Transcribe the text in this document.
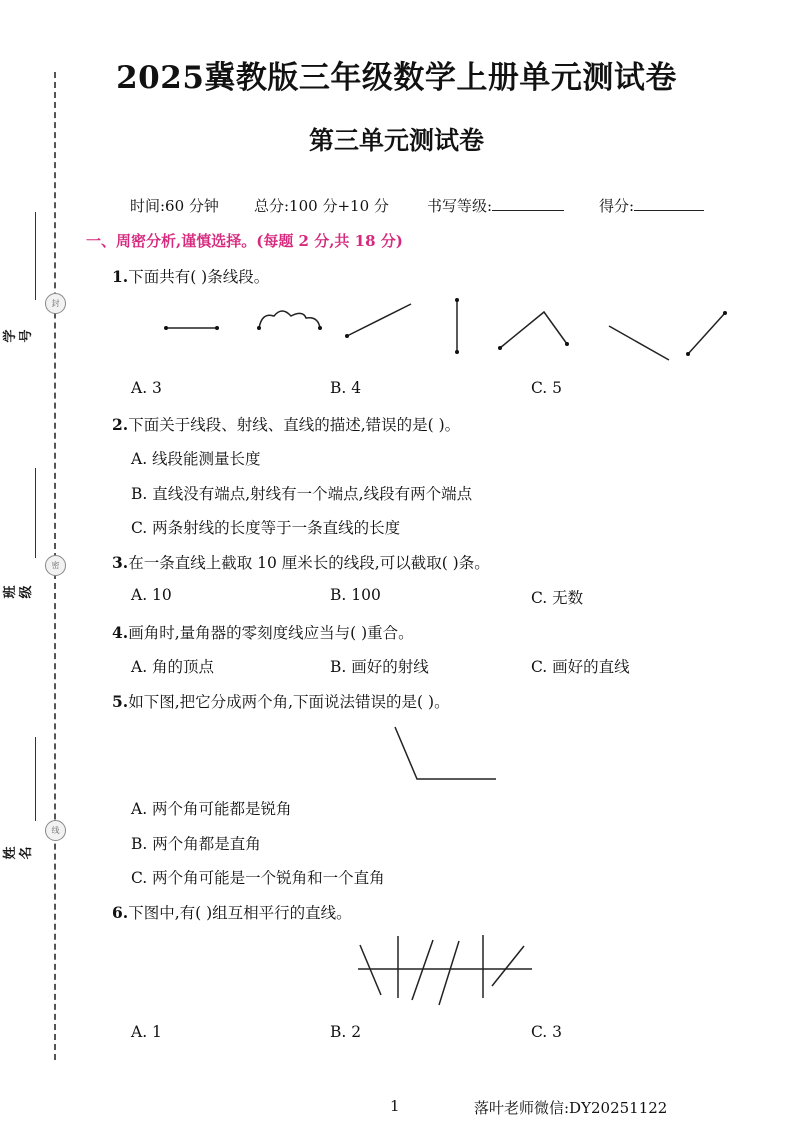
封
学号
密
班级
线
姓名
2025冀教版三年级数学上册单元测试卷
第三单元测试卷
时间:60 分钟 总分:100 分+10 分	书写等级:	得分:
一、周密分析,谨慎选择。(每题 2 分,共 18 分)
1.下面共有( )条线段。
A. 3	B. 4	C. 5
2.下面关于线段、射线、直线的描述,错误的是( )。
A. 线段能测量长度
B. 直线没有端点,射线有一个端点,线段有两个端点
C. 两条射线的长度等于一条直线的长度
3.在一条直线上截取 10 厘米长的线段,可以截取( )条。
A. 10	B. 100	C. 无数
4.画角时,量角器的零刻度线应当与( )重合。
A. 角的顶点	B. 画好的射线	C. 画好的直线
5.如下图,把它分成两个角,下面说法错误的是( )。
A. 两个角可能都是锐角
B. 两个角都是直角
C. 两个角可能是一个锐角和一个直角
6.下图中,有( )组互相平行的直线。
A. 1	B. 2	C. 3
1	落叶老师微信:DY20251122
